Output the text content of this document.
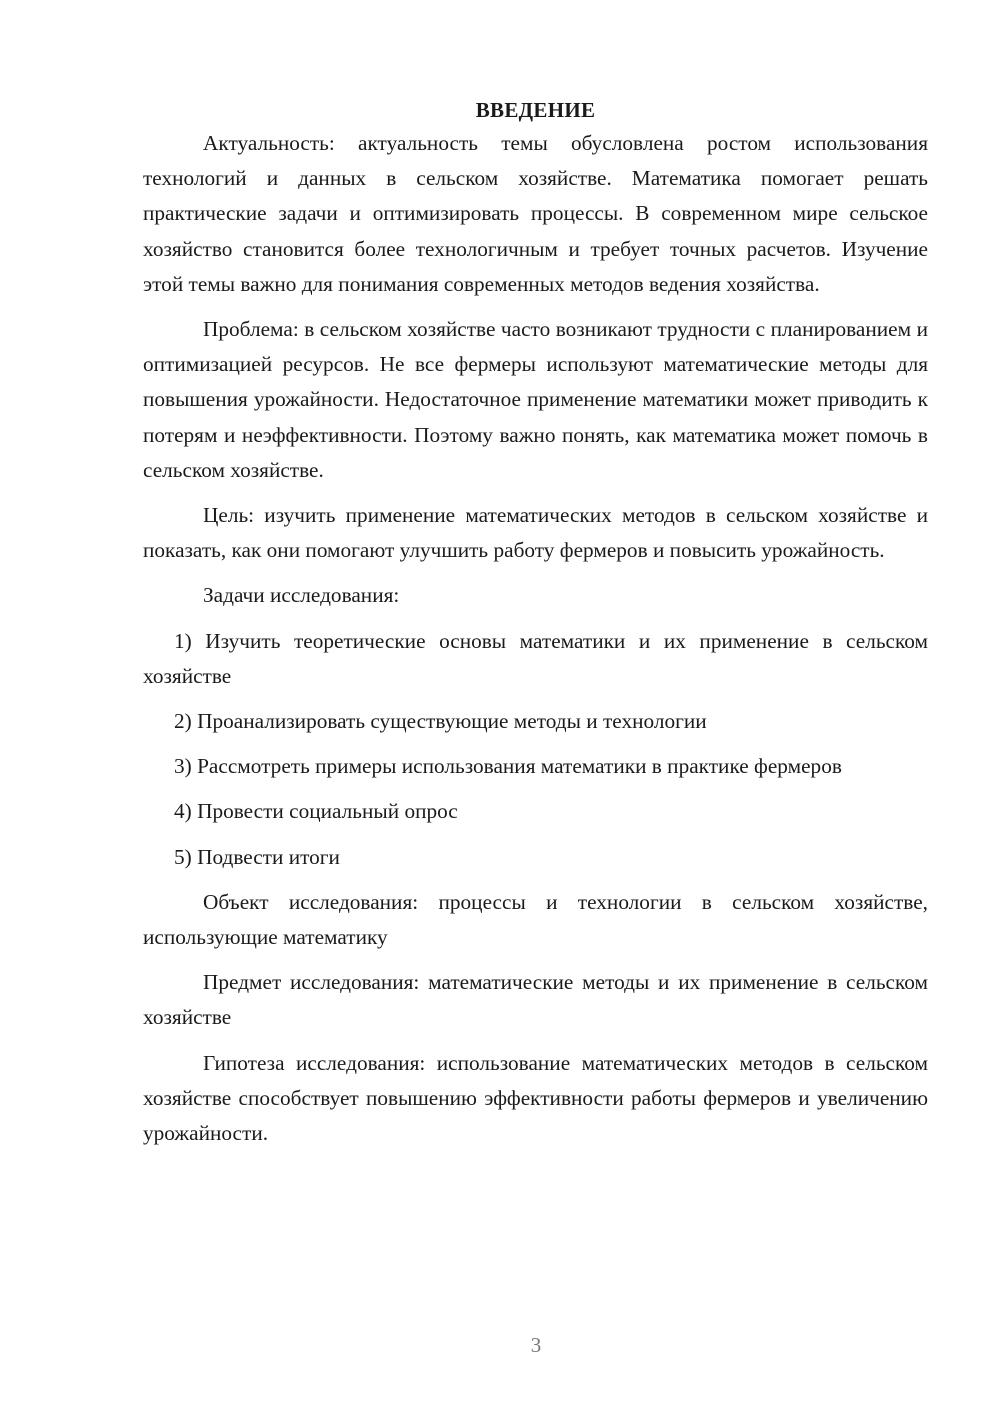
ВВЕДЕНИЕ

Актуальность: актуальность темы обусловлена ростом использования технологий и данных в сельском хозяйстве. Математика помогает решать практические задачи и оптимизировать процессы. В современном мире сельское хозяйство становится более технологичным и требует точных расчетов. Изучение этой темы важно для понимания современных методов ведения хозяйства.

Проблема: в сельском хозяйстве часто возникают трудности с планированием и оптимизацией ресурсов. Не все фермеры используют математические методы для повышения урожайности. Недостаточное применение математики может приводить к потерям и неэффективности. Поэтому важно понять, как математика может помочь в сельском хозяйстве.

Цель: изучить применение математических методов в сельском хозяйстве и показать, как они помогают улучшить работу фермеров и повысить урожайность.

Задачи исследования:

1) Изучить теоретические основы математики и их применение в сельском хозяйстве

2) Проанализировать существующие методы и технологии

3) Рассмотреть примеры использования математики в практике фермеров

4) Провести социальный опрос

5) Подвести итоги

Объект исследования: процессы и технологии в сельском хозяйстве, использующие математику

Предмет исследования: математические методы и их применение в сельском хозяйстве

Гипотеза исследования: использование математических методов в сельском хозяйстве способствует повышению эффективности работы фермеров и увеличению урожайности.

3
